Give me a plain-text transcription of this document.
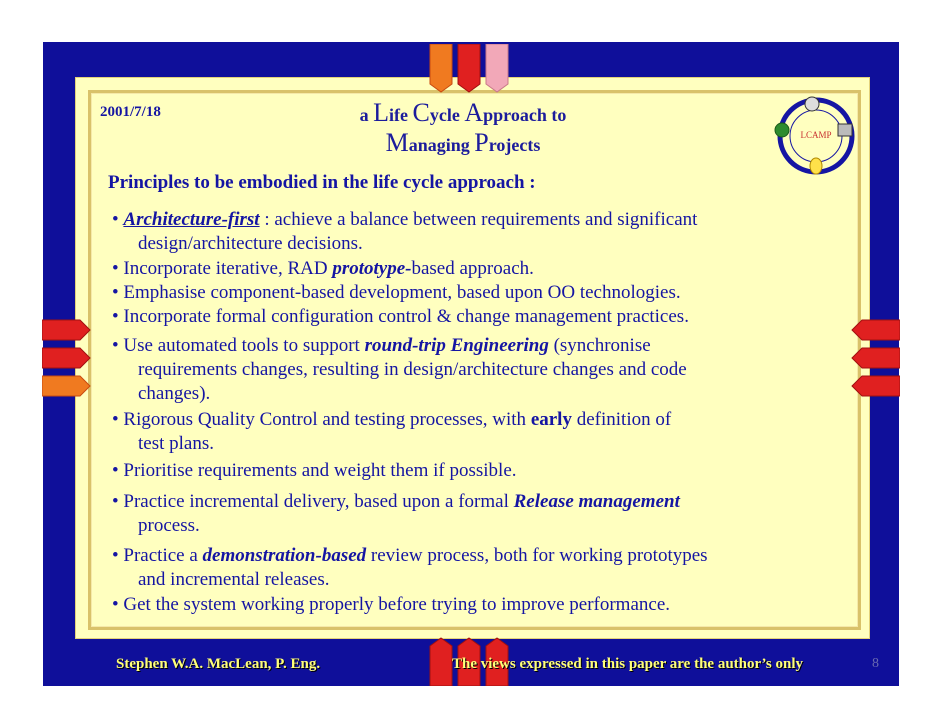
2001/7/18	a Life Cycle Approach to
Managing Projects	LCAMP
Principles to be embodied in the life cycle approach :
• Architecture-first : achieve a balance between requirements and significant
design/architecture decisions.
• Incorporate iterative, RAD prototype-based approach.
• Emphasise component-based development, based upon OO technologies.
• Incorporate formal configuration control & change management practices.
• Use automated tools to support round-trip Engineering (synchronise
requirements changes, resulting in design/architecture changes and code
changes).
• Rigorous Quality Control and testing processes, with early definition of
test plans.
• Prioritise requirements and weight them if possible.
• Practice incremental delivery, based upon a formal Release management
process.
• Practice a demonstration-based review process, both for working prototypes
and incremental releases.
• Get the system working properly before trying to improve performance.
Stephen W.A. MacLean, P. Eng.	The views expressed in this paper are the author’s only	8
